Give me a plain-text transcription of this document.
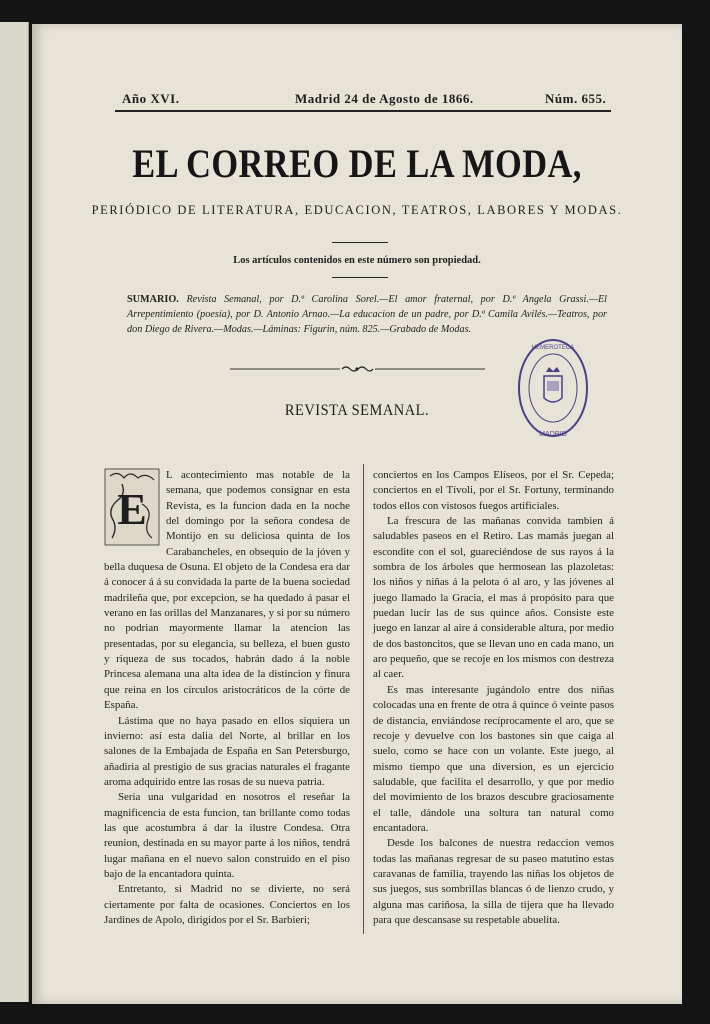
Año XVI.	Madrid 24 de Agosto de 1866.	Núm. 655.
EL CORREO DE LA MODA,
PERIÓDICO DE LITERATURA, EDUCACION, TEATROS, LABORES Y MODAS.
Los artículos contenidos en este número son propiedad.
SUMARIO. Revista Semanal, por D.ª Carolina Sorel.—El amor fraternal, por D.ª Angela Grassi.—El Arrepentimiento (poesía), por D. Antonio Arnao.—La educacion de un padre, por D.ª Camila Avilés.—Teatros, por don Diego de Rivera.—Modas.—Láminas: Figurin, núm. 825.—Grabado de Modas.
HEMEROTECA
MADRID
REVISTA SEMANAL.
E

L acontecimiento mas notable de la semana, que podemos consignar en esta Revista, es la funcion dada en la noche del domingo por la señora condesa de Montijo en su deliciosa quinta de los Carabancheles, en obsequio de la jóven y bella duquesa de Osuna. El objeto de la Condesa era dar á conocer á á su convidada la parte de la buena sociedad madrileña que, por excepcion, se ha quedado á pasar el verano en las orillas del Manzanares, y si por su número no podrian mayormente llamar la atencion las presentadas, por su elegancia, su belleza, el buen gusto y riqueza de sus tocados, habrán dado á la noble Princesa alemana una alta idea de la distincion y finura que reina en los círculos aristocráticos de la córte de España.

Lástima que no haya pasado en ellos siquiera un invierno: así esta dalia del Norte, al brillar en los salones de la Embajada de España en San Petersburgo, añadiria al prestigio de sus gracias naturales el fragante aroma adquirido entre las rosas de su nueva patria.

Seria una vulgaridad en nosotros el reseñar la magnificencia de esta funcion, tan brillante como todas las que acostumbra á dar la ilustre Condesa. Otra reunion, destinada en su mayor parte á los niños, tendrá lugar mañana en el nuevo salon construido en el piso bajo de la encantadora quinta.

Entretanto, si Madrid no se divierte, no será ciertamente por falta de ocasiones. Conciertos en los Jardines de Apolo, dirigidos por el Sr. Barbieri;

conciertos en los Campos Elíseos, por el Sr. Cepeda; conciertos en el Tívoli, por el Sr. Fortuny, terminando todos ellos con vistosos fuegos artificiales.

La frescura de las mañanas convida tambien á saludables paseos en el Retiro. Las mamás juegan al escondite con el sol, guareciéndose de sus rayos á la sombra de los árboles que hermosean las plazoletas: los niños y niñas á la pelota ó al aro, y las jóvenes al juego llamado la Gracia, el mas á propósito para que puedan lucir las de sus quince años. Consiste este juego en lanzar al aire á considerable altura, por medio de dos bastoncitos, que se llevan uno en cada mano, un aro pequeño, que se recoje en los mismos con destreza al caer.

Es mas interesante jugándolo entre dos niñas colocadas una en frente de otra á quince ó veinte pasos de distancia, enviándose recíprocamente el aro, que se recoje y devuelve con los bastones sin que caiga al suelo, como se hace con un volante. Este juego, al mismo tiempo que una diversion, es un ejercicio saludable, que facilita el desarrollo, y que por medio del movimiento de los brazos descubre graciosamente el talle, dándole una soltura tan natural como encantadora.

Desde los balcones de nuestra redaccion vemos todas las mañanas regresar de su paseo matutino estas caravanas de familia, trayendo las niñas los objetos de sus juegos, sus sombrillas blancas ó de lienzo crudo, y alguna mas cariñosa, la silla de tijera que ha llevado para que descansase su respetable abuelita.
